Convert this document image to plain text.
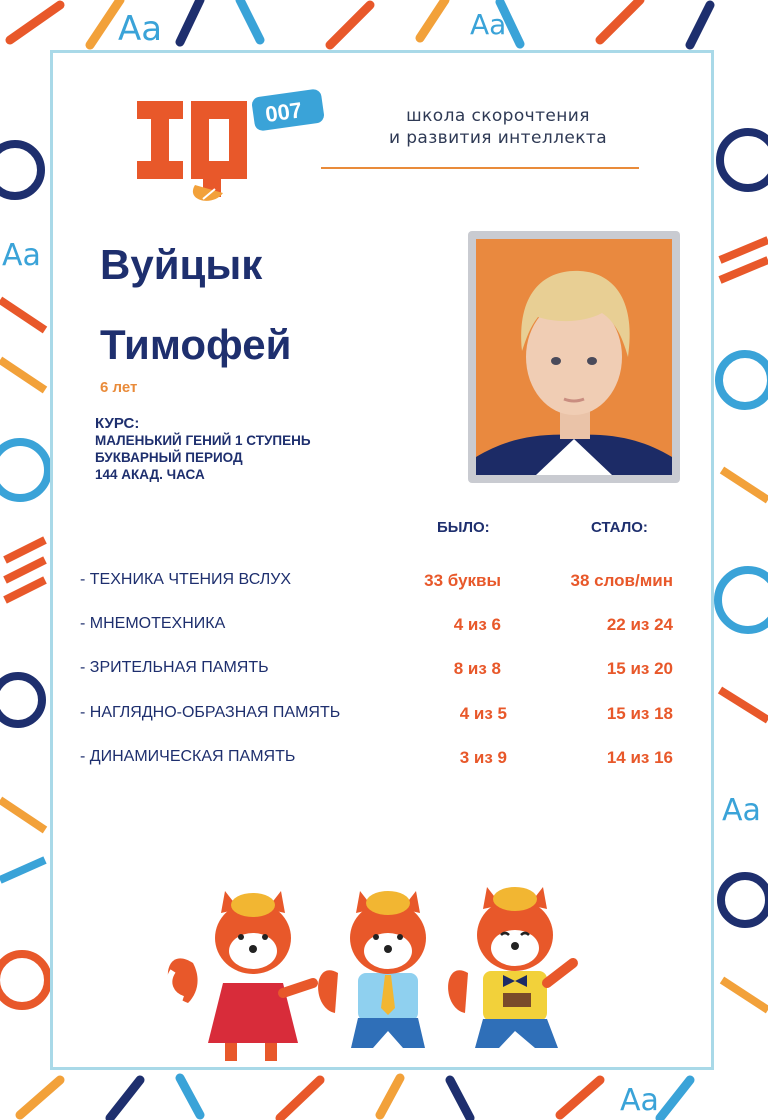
Aa	Aa
Aa
Aa
Aa
007	школа скорочтения
и развития интеллекта
Вуйцык
Тимофей
6 лет
КУРС:
МАЛЕНЬКИЙ ГЕНИЙ 1 СТУПЕНЬ
БУКВАРНЫЙ ПЕРИОД
144 АКАД. ЧАСА
БЫЛО:	СТАЛО:
- ТЕХНИКА ЧТЕНИЯ ВСЛУХ	33 буквы	38 слов/мин
- МНЕМОТЕХНИКА	4 из 6	22 из 24
- ЗРИТЕЛЬНАЯ ПАМЯТЬ	8 из 8	15 из 20
- НАГЛЯДНО-ОБРАЗНАЯ ПАМЯТЬ	4 из 5	15 из 18
- ДИНАМИЧЕСКАЯ ПАМЯТЬ	3 из 9	14 из 16
